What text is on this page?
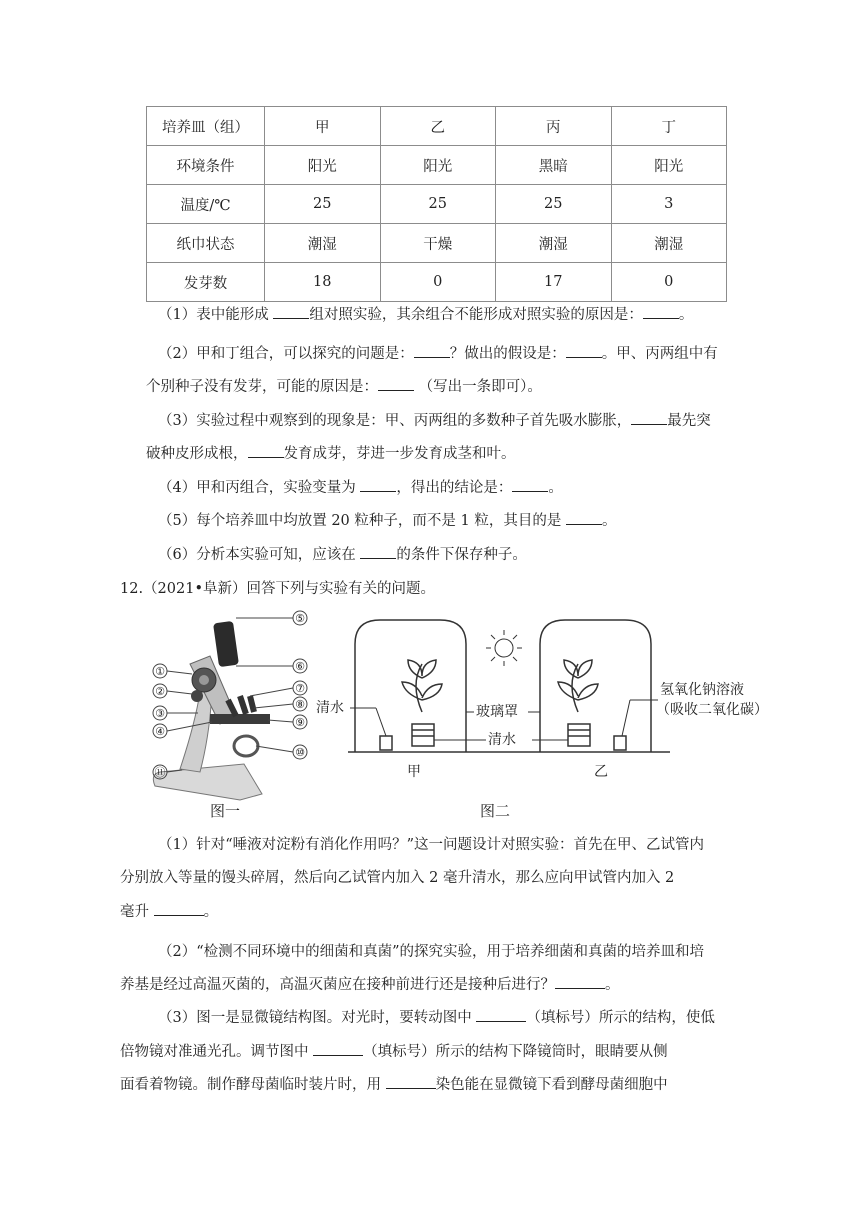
培养皿（组）	甲	乙	丙	丁
环境条件	阳光	阳光	黑暗	阳光
温度/℃	25	25	25	3
纸巾状态	潮湿	干燥	潮湿	潮湿
发芽数	18	0	17	0
（1）表中能形成 组对照实验，其余组合不能形成对照实验的原因是： 。
（2）甲和丁组合，可以探究的问题是： ？做出的假设是： 。甲、丙两组中有
个别种子没有发芽，可能的原因是： （写出一条即可）。
（3）实验过程中观察到的现象是：甲、丙两组的多数种子首先吸水膨胀， 最先突
破种皮形成根， 发育成芽，芽进一步发育成茎和叶。
（4）甲和丙组合，实验变量为 ，得出的结论是： 。
（5）每个培养皿中均放置 20 粒种子，而不是 1 粒，其目的是 。
（6）分析本实验可知，应该在 的条件下保存种子。
12.（2021•阜新）回答下列与实验有关的问题。
①
②
③
④
⑪
⑤
⑥
⑦
⑧
⑨
⑩
清水	玻璃罩
清水
氢氧化钠溶液
（吸收二氧化碳）
甲	乙
图一	图二
（1）针对“唾液对淀粉有消化作用吗？”这一问题设计对照实验：首先在甲、乙试管内
分别放入等量的馒头碎屑，然后向乙试管内加入 2 毫升清水，那么应向甲试管内加入 2
毫升	。
（2）“检测不同环境中的细菌和真菌”的探究实验，用于培养细菌和真菌的培养皿和培
养基是经过高温灭菌的，高温灭菌应在接种前进行还是接种后进行？	。
（3）图一是显微镜结构图。对光时，要转动图中	（填标号）所示的结构，使低
倍物镜对准通光孔。调节图中	（填标号）所示的结构下降镜筒时，眼睛要从侧
面看着物镜。制作酵母菌临时装片时，用	染色能在显微镜下看到酵母菌细胞中
